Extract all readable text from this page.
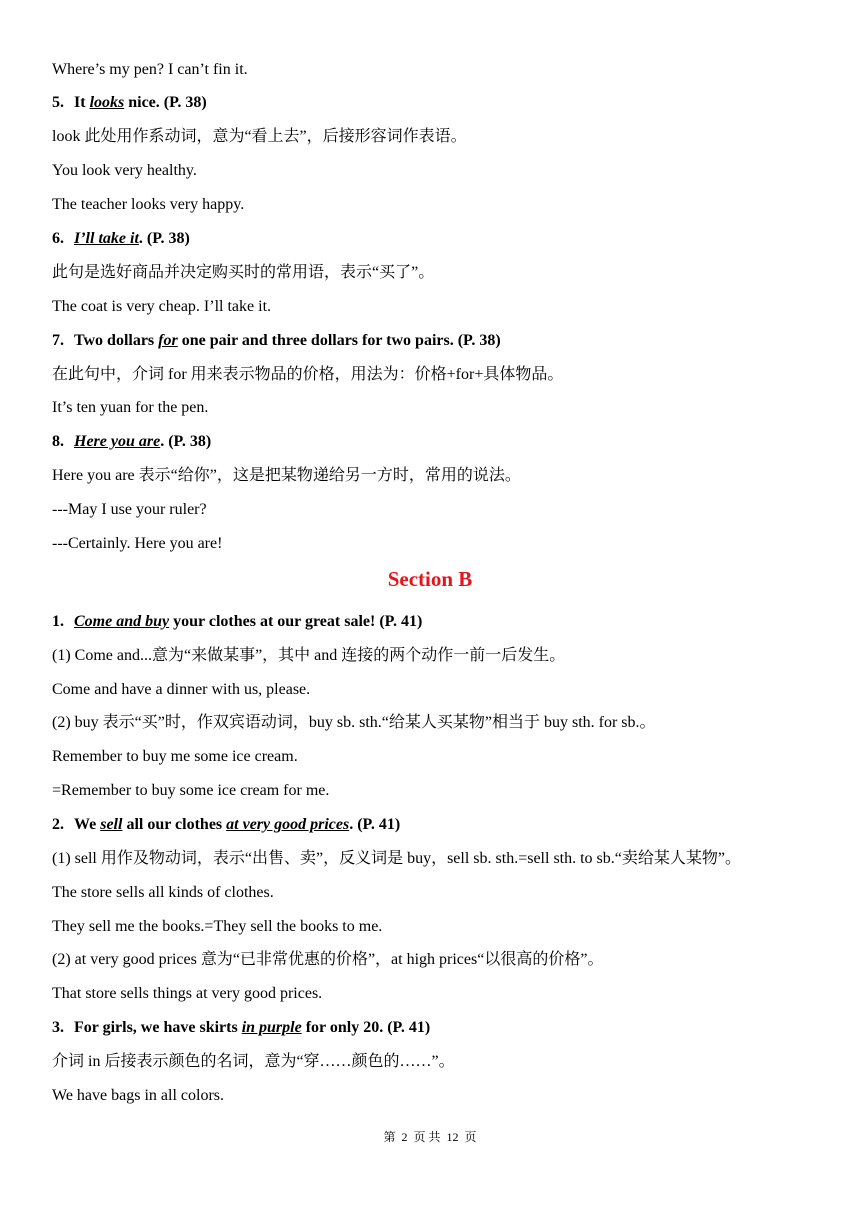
Where’s my pen? I can’t fin it.
5. It looks nice. (P. 38)
look 此处用作系动词，意为“看上去”，后接形容词作表语。
You look very healthy.
The teacher looks very happy.
6. I’ll take it. (P. 38)
此句是选好商品并决定购买时的常用语，表示“买了”。
The coat is very cheap. I’ll take it.
7. Two dollars for one pair and three dollars for two pairs. (P. 38)
在此句中，介词 for 用来表示物品的价格，用法为：价格+for+具体物品。
It’s ten yuan for the pen.
8. Here you are. (P. 38)
Here you are 表示“给你”，这是把某物递给另一方时，常用的说法。
---May I use your ruler?
---Certainly. Here you are!
Section B
1. Come and buy your clothes at our great sale! (P. 41)
(1) Come and...意为“来做某事”，其中 and 连接的两个动作一前一后发生。
Come and have a dinner with us, please.
(2) buy 表示“买”时，作双宾语动词，buy sb. sth.“给某人买某物”相当于 buy sth. for sb.。
Remember to buy me some ice cream.
=Remember to buy some ice cream for me.
2. We sell all our clothes at very good prices. (P. 41)
(1) sell 用作及物动词，表示“出售、卖”，反义词是 buy，sell sb. sth.=sell sth. to sb.“卖给某人某物”。
The store sells all kinds of clothes.
They sell me the books.=They sell the books to me.
(2) at very good prices 意为“已非常优惠的价格”，at high prices“以很高的价格”。
That store sells things at very good prices.
3. For girls, we have skirts in purple for only 20. (P. 41)
介词 in 后接表示颜色的名词，意为“穿……颜色的……”。
We have bags in all colors.
第 2 页 共 12 页
